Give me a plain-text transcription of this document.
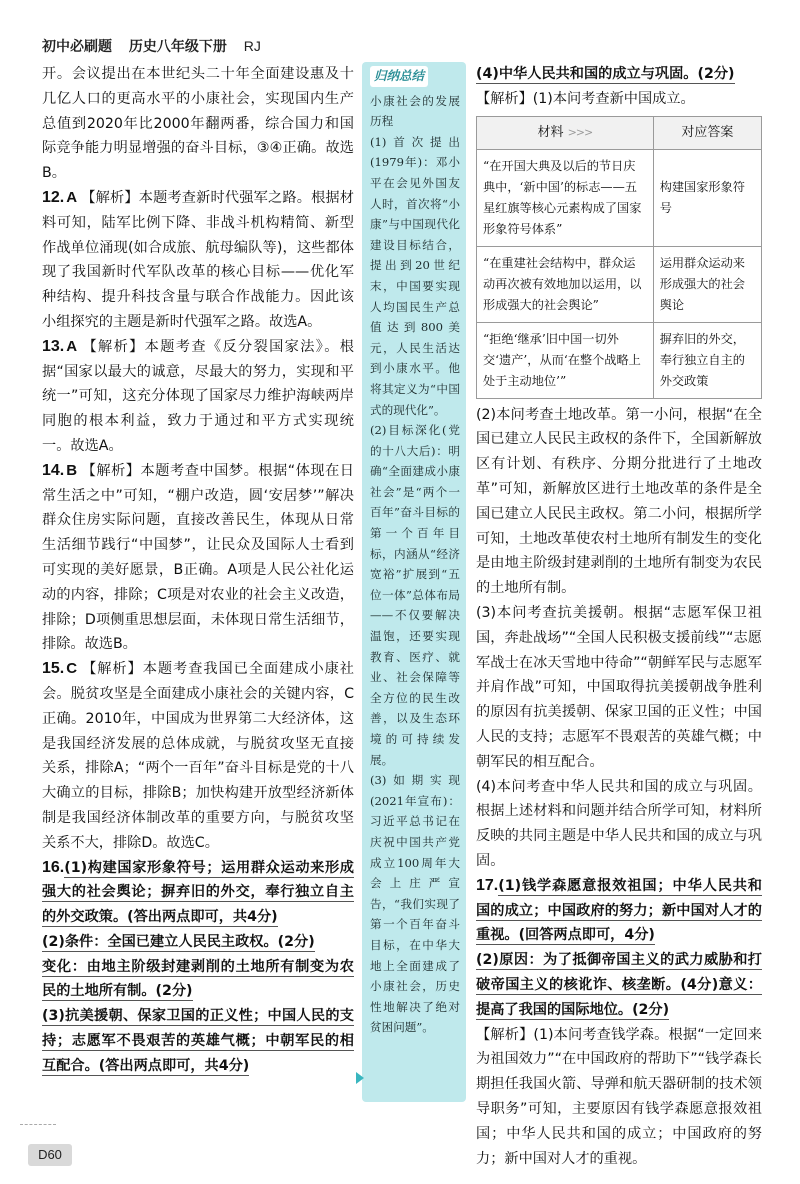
初中必刷题 历史八年级下册 RJ

开。会议提出在本世纪头二十年全面建设惠及十几亿人口的更高水平的小康社会，实现国内生产总值到2020年比2000年翻两番，综合国力和国际竞争能力明显增强的奋斗目标，③④正确。故选B。

12. A 【解析】本题考查新时代强军之路。根据材料可知，陆军比例下降、非战斗机构精简、新型作战单位涌现(如合成旅、航母编队等)，这些都体现了我国新时代军队改革的核心目标——优化军种结构、提升科技含量与联合作战能力。因此该小组探究的主题是新时代强军之路。故选A。

13. A 【解析】本题考查《反分裂国家法》。根据“国家以最大的诚意，尽最大的努力，实现和平统一”可知，这充分体现了国家尽力维护海峡两岸同胞的根本利益，致力于通过和平方式实现统一。故选A。

14. B 【解析】本题考查中国梦。根据“体现在日常生活之中”可知，“棚户改造，圆‘安居梦’”解决群众住房实际问题，直接改善民生，体现从日常生活细节践行“中国梦”，让民众及国际人士看到可实现的美好愿景，B正确。A项是人民公社化运动的内容，排除；C项是对农业的社会主义改造，排除；D项侧重思想层面，未体现日常生活细节，排除。故选B。

15. C 【解析】本题考查我国已全面建成小康社会。脱贫攻坚是全面建成小康社会的关键内容，C正确。2010年，中国成为世界第二大经济体，这是我国经济发展的总体成就，与脱贫攻坚无直接关系，排除A；“两个一百年”奋斗目标是党的十八大确立的目标，排除B；加快构建开放型经济新体制是我国经济体制改革的重要方向，与脱贫攻坚关系不大，排除D。故选C。

16.(1)构建国家形象符号；运用群众运动来形成强大的社会舆论；摒弃旧的外交，奉行独立自主的外交政策。(答出两点即可，共4分)

(2)条件：全国已建立人民民主政权。(2分)

变化：由地主阶级封建剥削的土地所有制变为农民的土地所有制。(2分)

(3)抗美援朝、保家卫国的正义性；中国人民的支持；志愿军不畏艰苦的英雄气概；中朝军民的相互配合。(答出两点即可，共4分)

归纳总结

小康社会的发展历程

(1)首次提出(1979年)：邓小平在会见外国友人时，首次将“小康”与中国现代化建设目标结合，提出到20世纪末，中国要实现人均国民生产总值达到800美元，人民生活达到小康水平。他将其定义为“中国式的现代化”。

(2)目标深化(党的十八大后)：明确“全面建成小康社会”是“两个一百年”奋斗目标的第一个百年目标，内涵从“经济宽裕”扩展到“五位一体”总体布局——不仅要解决温饱，还要实现教育、医疗、就业、社会保障等全方位的民生改善，以及生态环境的可持续发展。

(3)如期实现(2021年宣布)：习近平总书记在庆祝中国共产党成立100周年大会上庄严宣告，“我们实现了第一个百年奋斗目标，在中华大地上全面建成了小康社会，历史性地解决了绝对贫困问题”。

(4)中华人民共和国的成立与巩固。(2分)

【解析】(1)本问考查新中国成立。

材料 >>>	对应答案
“在开国大典及以后的节日庆典中，‘新中国’的标志——五星红旗等核心元素构成了国家形象符号体系”	构建国家形象符号
“在重建社会结构中，群众运动再次被有效地加以运用，以形成强大的社会舆论”	运用群众运动来形成强大的社会舆论
“拒绝‘继承’旧中国一切外交‘遗产’，从而‘在整个战略上处于主动地位’”	摒弃旧的外交，奉行独立自主的外交政策

(2)本问考查土地改革。第一小问，根据“在全国已建立人民民主政权的条件下，全国新解放区有计划、有秩序、分期分批进行了土地改革”可知，新解放区进行土地改革的条件是全国已建立人民民主政权。第二小问，根据所学可知，土地改革使农村土地所有制发生的变化是由地主阶级封建剥削的土地所有制变为农民的土地所有制。

(3)本问考查抗美援朝。根据“志愿军保卫祖国，奔赴战场”“全国人民积极支援前线”“志愿军战士在冰天雪地中待命”“朝鲜军民与志愿军并肩作战”可知，中国取得抗美援朝战争胜利的原因有抗美援朝、保家卫国的正义性；中国人民的支持；志愿军不畏艰苦的英雄气概；中朝军民的相互配合。

(4)本问考查中华人民共和国的成立与巩固。根据上述材料和问题并结合所学可知，材料所反映的共同主题是中华人民共和国的成立与巩固。

17.(1)钱学森愿意报效祖国；中华人民共和国的成立；中国政府的努力；新中国对人才的重视。(回答两点即可，4分)

(2)原因：为了抵御帝国主义的武力威胁和打破帝国主义的核讹诈、核垄断。(4分)意义：提高了我国的国际地位。(2分)

【解析】(1)本问考查钱学森。根据“一定回来为祖国效力”“在中国政府的帮助下”“钱学森长期担任我国火箭、导弹和航天器研制的技术领导职务”可知，主要原因有钱学森愿意报效祖国；中华人民共和国的成立；中国政府的努力；新中国对人才的重视。

D60
